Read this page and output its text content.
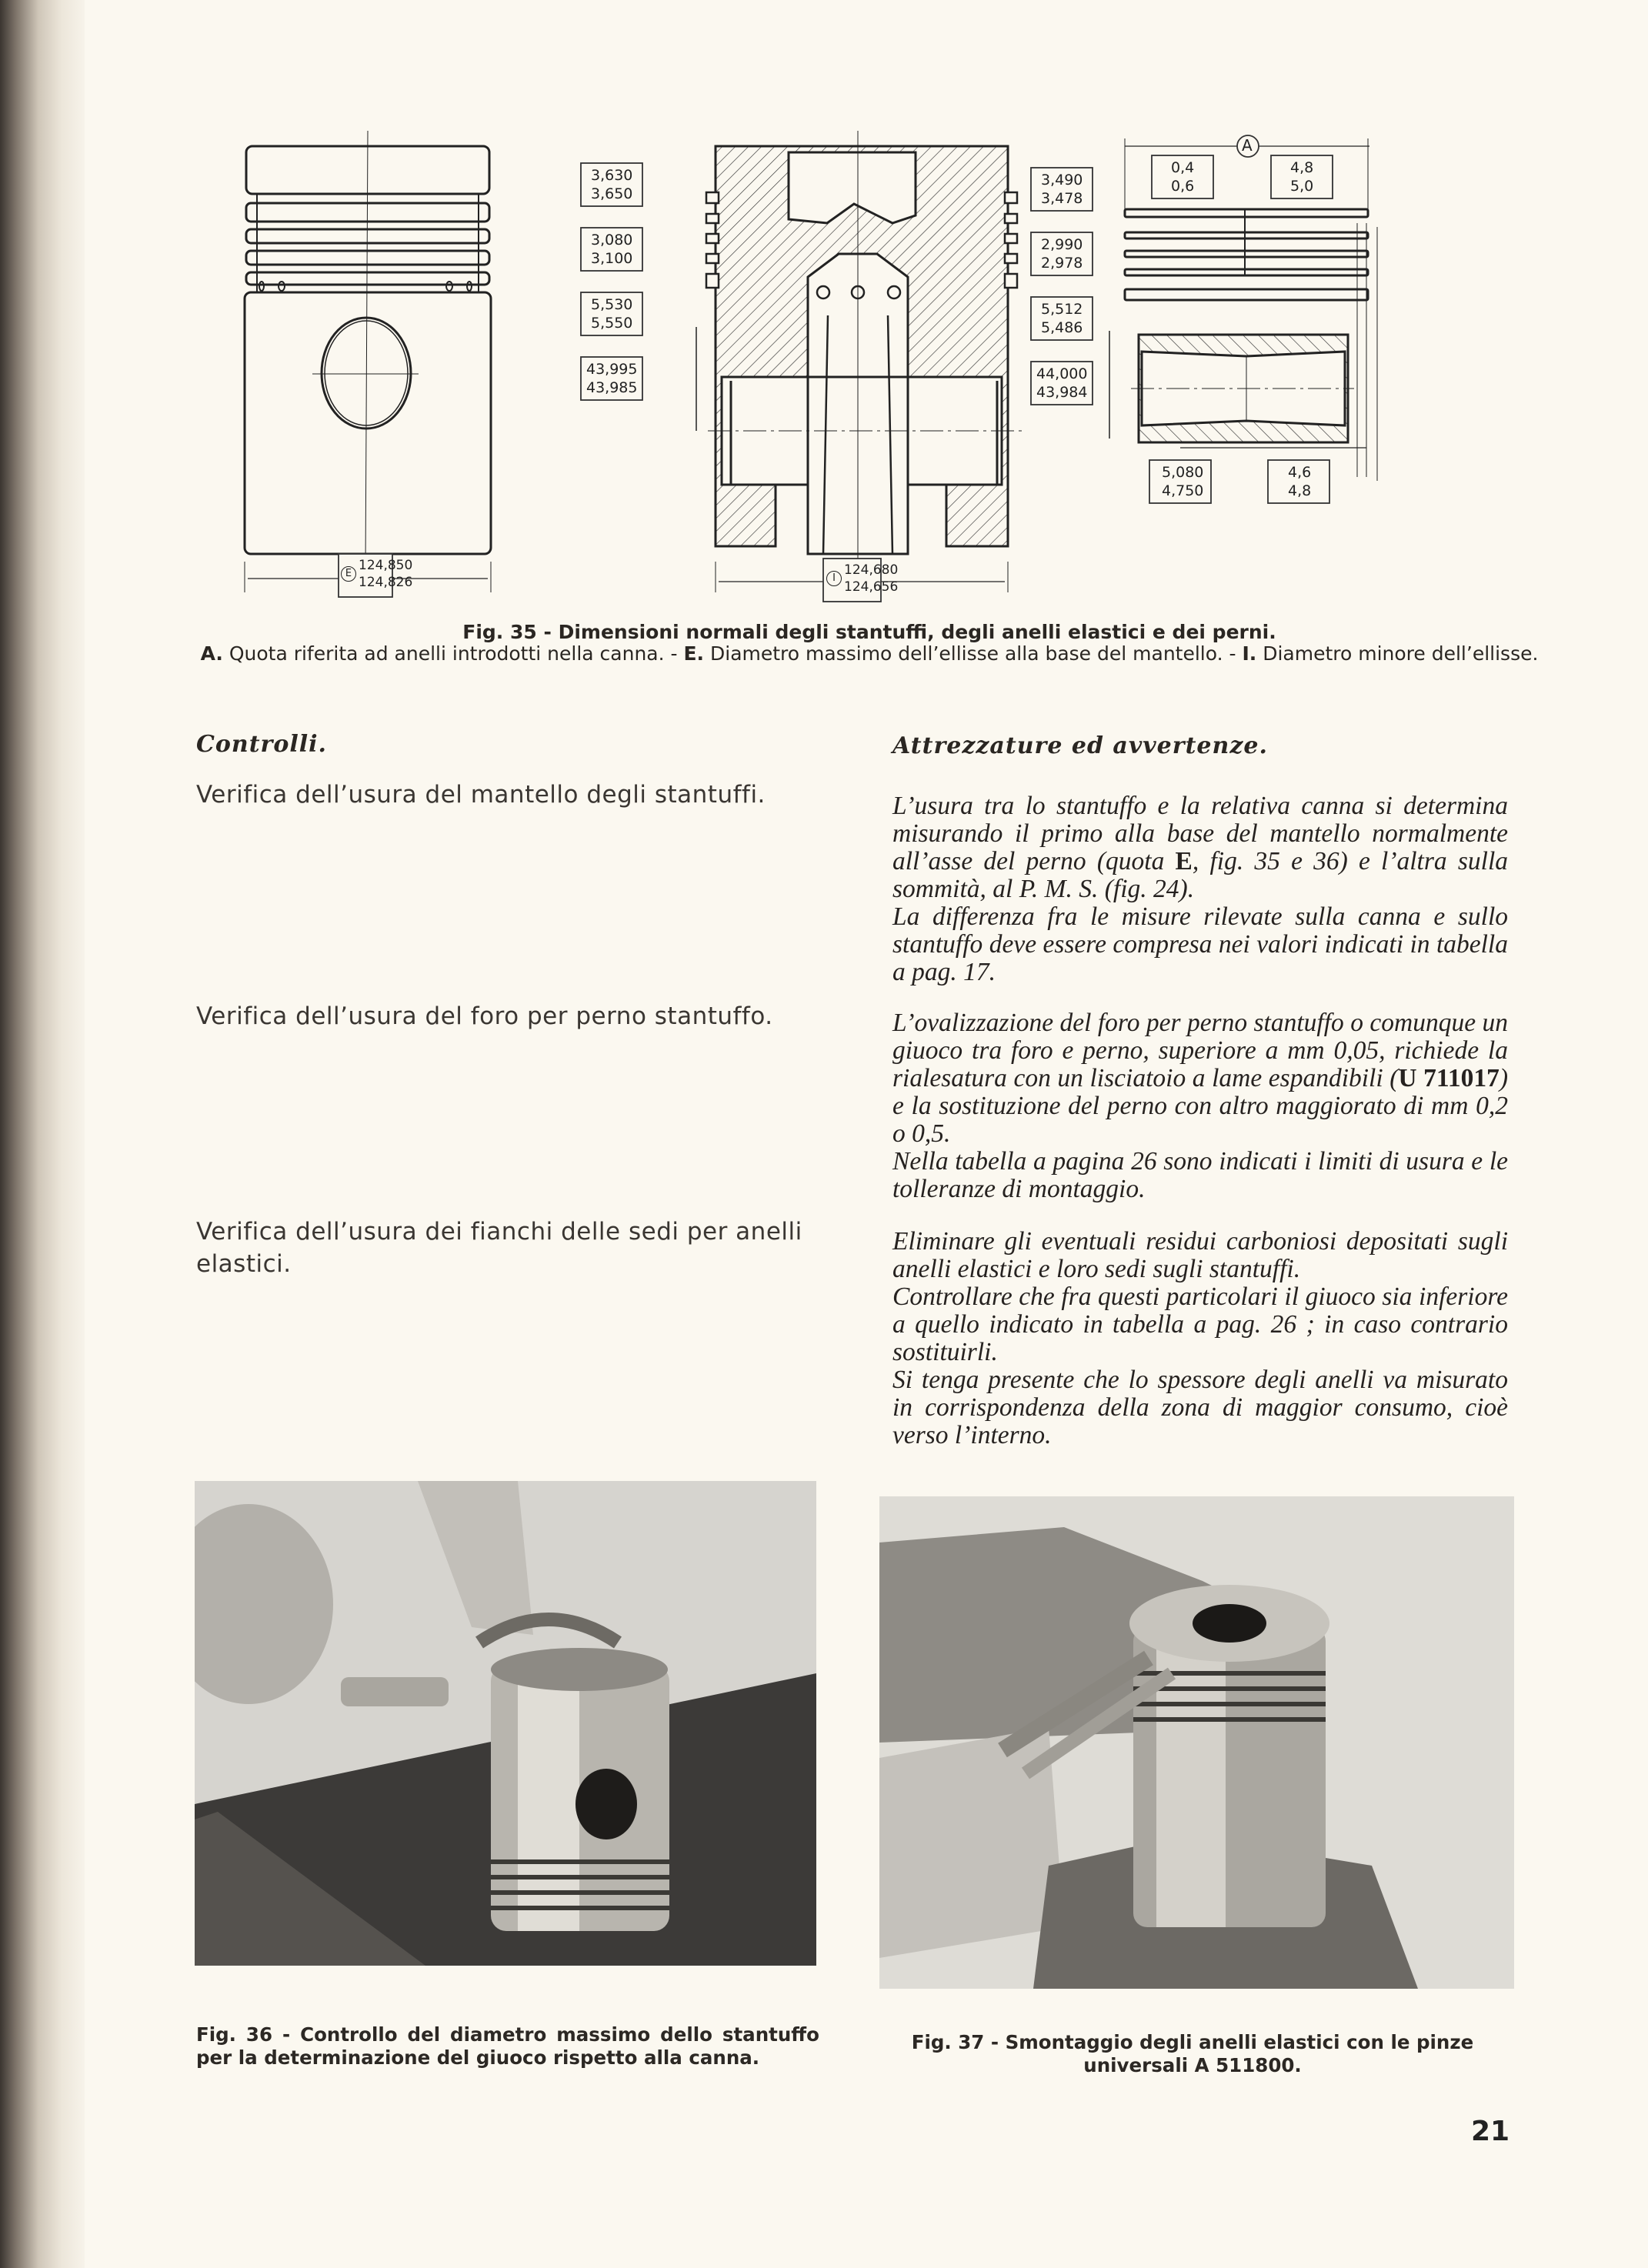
3,630
3,650
3,080
3,100
5,530
5,550
43,995
43,985
3,490
3,478
2,990
2,978
5,512
5,486
44,000
43,984
0,4
0,6
4,8
5,0
5,080
4,750
4,6
4,8
A
E
124,850
124,826	I
124,680
124,656
Fig. 35 - Dimensioni normali degli stantuffi, degli anelli elastici e dei perni.
A. Quota riferita ad anelli introdotti nella canna. - E. Diametro massimo dell’ellisse alla base del mantello. - I. Diametro minore dell’ellisse.
Controlli.
Verifica dell’usura del mantello degli stantuffi.
Verifica dell’usura del foro per perno stantuffo.
Verifica dell’usura dei fianchi delle sedi per anelli elastici.
Attrezzature ed avvertenze.
L’usura tra lo stantuffo e la relativa canna si determina misurando il primo alla base del mantello normalmente all’asse del perno (quota E, fig. 35 e 36) e l’altra sulla sommità, al P. M. S. (fig. 24).
La differenza fra le misure rilevate sulla canna e sullo stantuffo deve essere compresa nei valori indicati in tabella a pag. 17.
L’ovalizzazione del foro per perno stantuffo o comunque un giuoco tra foro e perno, superiore a mm 0,05, richiede la rialesatura con un lisciatoio a lame espandibili (U 711017) e la sostituzione del perno con altro maggiorato di mm 0,2 o 0,5.
Nella tabella a pagina 26 sono indicati i limiti di usura e le tolleranze di montaggio.
Eliminare gli eventuali residui carboniosi depositati sugli anelli elastici e loro sedi sugli stantuffi.
Controllare che fra questi particolari il giuoco sia inferiore a quello indicato in tabella a pag. 26 ; in caso contrario sostituirli.
Si tenga presente che lo spessore degli anelli va misurato in corrispondenza della zona di maggior consumo, cioè verso l’interno.
Fig. 36 - Controllo del diametro massimo dello stantuffo per la determinazione del giuoco rispetto alla canna.
Fig. 37 - Smontaggio degli anelli elastici con le pinze universali A 511800.
21
